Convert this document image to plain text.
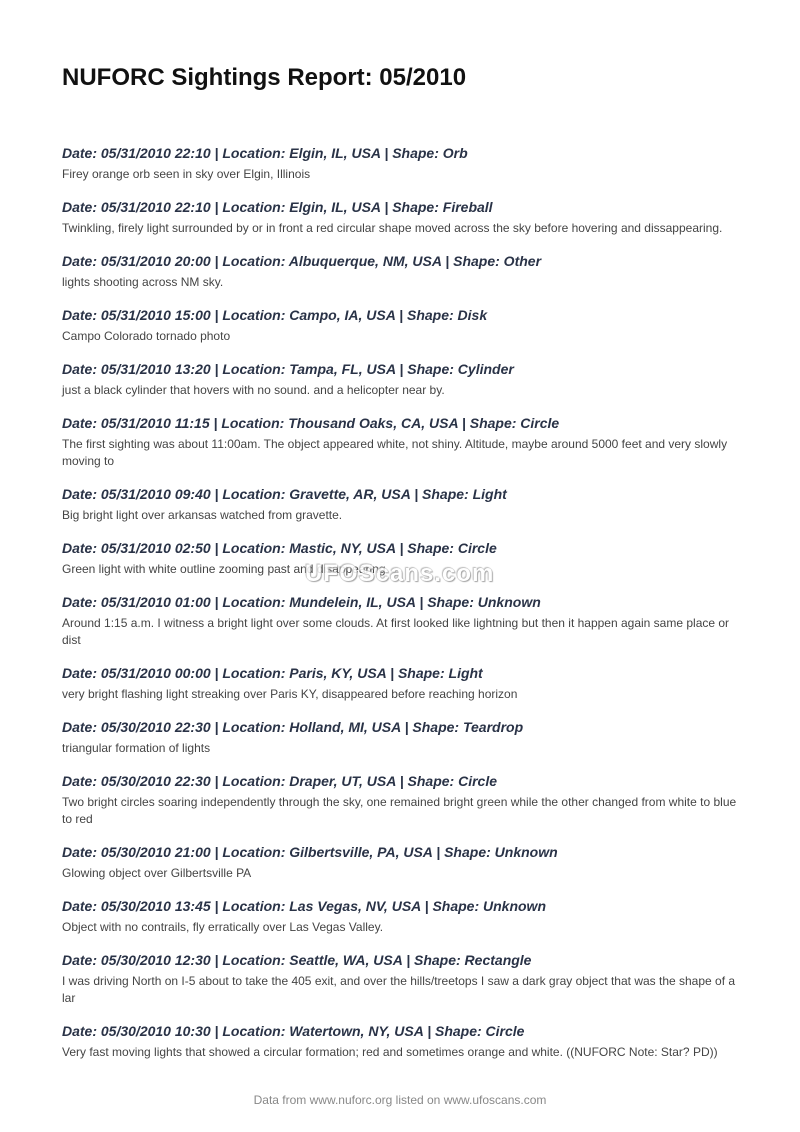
NUFORC Sightings Report: 05/2010

Date: 05/31/2010 22:10 | Location: Elgin, IL, USA | Shape: Orb

Firey orange orb seen in sky over Elgin, Illinois

Date: 05/31/2010 22:10 | Location: Elgin, IL, USA | Shape: Fireball

Twinkling, firely light surrounded by or in front a red circular shape moved across the sky before hovering and dissappearing.

Date: 05/31/2010 20:00 | Location: Albuquerque, NM, USA | Shape: Other

lights shooting across NM sky.

Date: 05/31/2010 15:00 | Location: Campo, IA, USA | Shape: Disk

Campo Colorado tornado photo

Date: 05/31/2010 13:20 | Location: Tampa, FL, USA | Shape: Cylinder

just a black cylinder that hovers with no sound. and a helicopter near by.

Date: 05/31/2010 11:15 | Location: Thousand Oaks, CA, USA | Shape: Circle

The first sighting was about 11:00am. The object appeared white, not shiny. Altitude, maybe around 5000 feet and very slowly moving to

Date: 05/31/2010 09:40 | Location: Gravette, AR, USA | Shape: Light

Big bright light over arkansas watched from gravette.

Date: 05/31/2010 02:50 | Location: Mastic, NY, USA | Shape: Circle

Green light with white outline zooming past and disappearing

Date: 05/31/2010 01:00 | Location: Mundelein, IL, USA | Shape: Unknown

Around 1:15 a.m. I witness a bright light over some clouds. At first looked like lightning but then it happen again same place or dist

Date: 05/31/2010 00:00 | Location: Paris, KY, USA | Shape: Light

very bright flashing light streaking over Paris KY, disappeared before reaching horizon

Date: 05/30/2010 22:30 | Location: Holland, MI, USA | Shape: Teardrop

triangular formation of lights

Date: 05/30/2010 22:30 | Location: Draper, UT, USA | Shape: Circle

Two bright circles soaring independently through the sky, one remained bright green while the other changed from white to blue to red

Date: 05/30/2010 21:00 | Location: Gilbertsville, PA, USA | Shape: Unknown

Glowing object over Gilbertsville PA

Date: 05/30/2010 13:45 | Location: Las Vegas, NV, USA | Shape: Unknown

Object with no contrails, fly erratically over Las Vegas Valley.

Date: 05/30/2010 12:30 | Location: Seattle, WA, USA | Shape: Rectangle

I was driving North on I-5 about to take the 405 exit, and over the hills/treetops I saw a dark gray object that was the shape of a lar

Date: 05/30/2010 10:30 | Location: Watertown, NY, USA | Shape: Circle

Very fast moving lights that showed a circular formation; red and sometimes orange and white. ((NUFORC Note: Star? PD))

UFOScans.com
Data from www.nuforc.org listed on www.ufoscans.com
